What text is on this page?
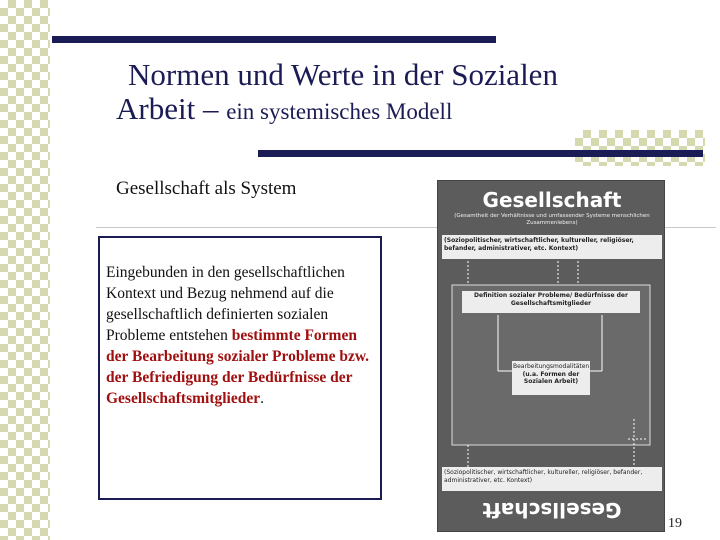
Normen und Werte in der Sozialen
Arbeit – ein systemisches Modell
Gesellschaft als System
Eingebunden in den gesellschaftlichen Kontext und Bezug nehmend auf die gesellschaftlich definierten sozialen Probleme entstehen bestimmte Formen der Bearbeitung sozialer Probleme bzw. der Befriedigung der Bedürfnisse der Gesellschaftsmitglieder.
Gesellschaft
(Gesamtheit der Verhältnisse und umfassender Systeme menschlichen Zusammenlebens)
(Soziopolitischer, wirtschaftlicher, kultureller, religiöser, befander, administrativer, etc. Kontext)
Definition sozialer Probleme/ Bedürfnisse der Gesellschaftsmitglieder
Bearbeitungsmodalitäten
(u.a. Formen der Sozialen Arbeit)
(Soziopolitischer, wirtschaftlicher, kultureller, religiöser, befander, administrativer, etc. Kontext)
Gesellschaft
19
